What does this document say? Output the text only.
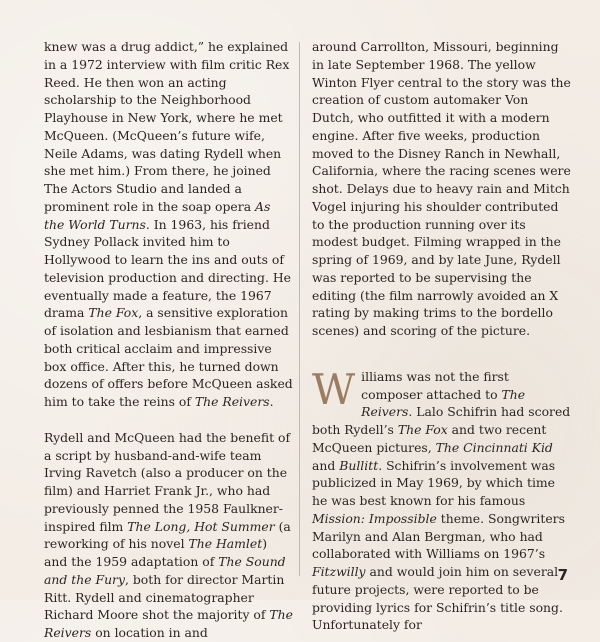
knew was a drug addict,” he explained in a 1972 interview with film critic Rex Reed. He then won an acting scholarship to the Neighborhood Playhouse in New York, where he met McQueen. (McQueen’s future wife, Neile Adams, was dating Rydell when she met him.) From there, he joined The Actors Studio and landed a prominent role in the soap opera As the World Turns. In 1963, his friend Sydney Pollack invited him to Hollywood to learn the ins and outs of television production and directing. He eventually made a feature, the 1967 drama The Fox, a sensitive exploration of isolation and lesbianism that earned both critical acclaim and impressive box office. After this, he turned down dozens of offers before McQueen asked him to take the reins of The Reivers.

Rydell and McQueen had the benefit of a script by husband-and-wife team Irving Ravetch (also a producer on the film) and Harriet Frank Jr., who had previously penned the 1958 Faulkner-inspired film The Long, Hot Summer (a reworking of his novel The Hamlet) and the 1959 adaptation of The Sound and the Fury, both for director Martin Ritt. Rydell and cinematographer Richard Moore shot the majority of The Reivers on location in and

around Carrollton, Missouri, beginning in late September 1968. The yellow Winton Flyer central to the story was the creation of custom automaker Von Dutch, who outfitted it with a modern engine. After five weeks, production moved to the Disney Ranch in Newhall, California, where the racing scenes were shot. Delays due to heavy rain and Mitch Vogel injuring his shoulder contributed to the production running over its modest budget. Filming wrapped in the spring of 1969, and by late June, Rydell was reported to be supervising the editing (the film narrowly avoided an X rating by making trims to the bordello scenes) and scoring of the picture.

Williams was not the first composer attached to The Reivers. Lalo Schifrin had scored both Rydell’s The Fox and two recent McQueen pictures, The Cincinnati Kid and Bullitt. Schifrin’s involvement was publicized in May 1969, by which time he was best known for his famous Mission: Impossible theme. Songwriters Marilyn and Alan Bergman, who had collaborated with Williams on 1967’s Fitzwilly and would join him on several future projects, were reported to be providing lyrics for Schifrin’s title song. Unfortunately for

7
